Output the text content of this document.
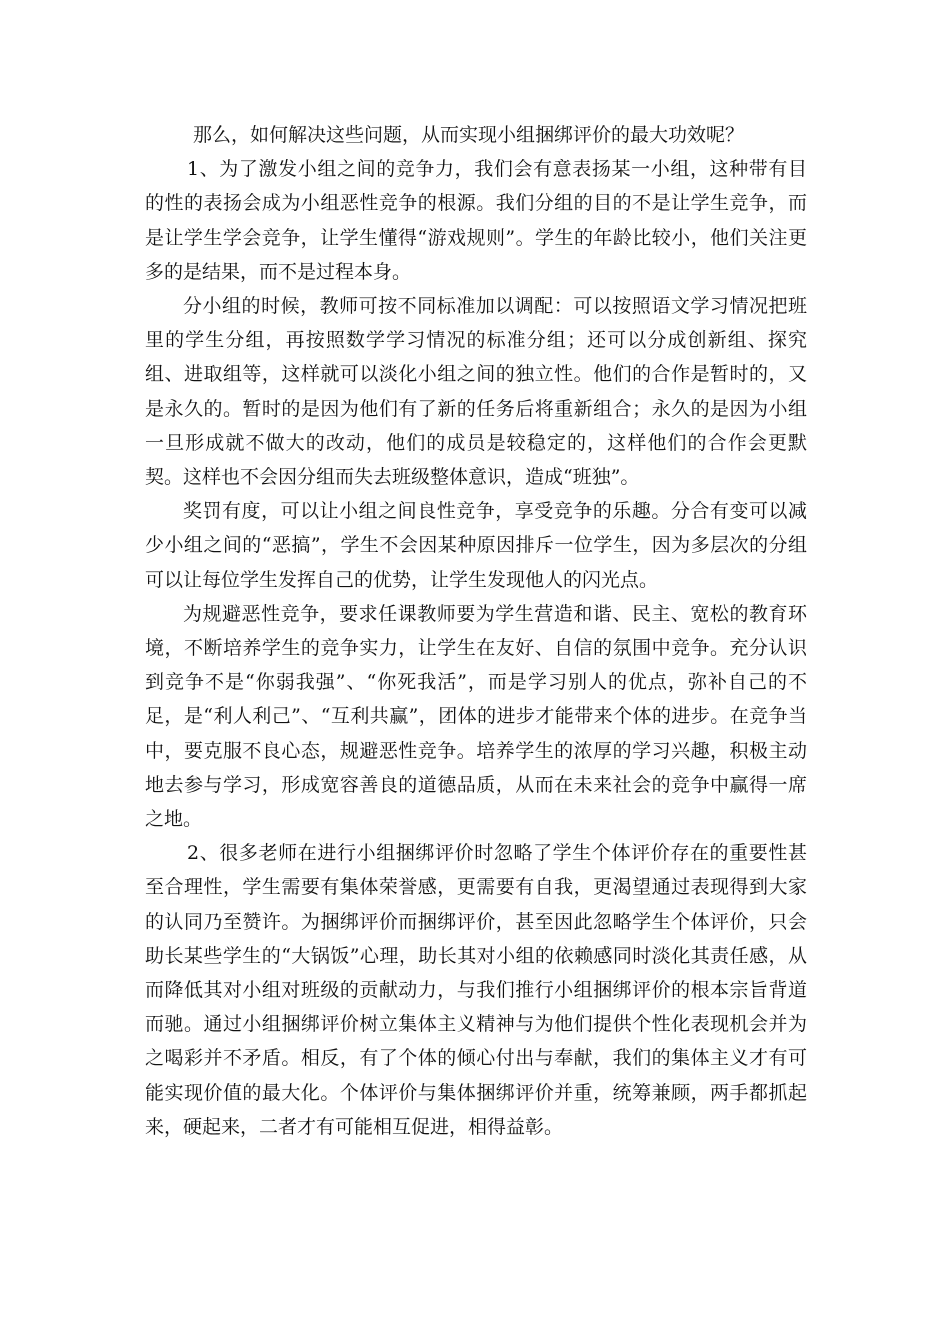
那么，如何解决这些问题，从而实现小组捆绑评价的最大功效呢？

1、为了激发小组之间的竞争力，我们会有意表扬某一小组，这种带有目的性的表扬会成为小组恶性竞争的根源。我们分组的目的不是让学生竞争，而是让学生学会竞争，让学生懂得“游戏规则”。学生的年龄比较小，他们关注更多的是结果，而不是过程本身。

分小组的时候，教师可按不同标准加以调配：可以按照语文学习情况把班里的学生分组，再按照数学学习情况的标准分组；还可以分成创新组、探究组、进取组等，这样就可以淡化小组之间的独立性。他们的合作是暂时的，又是永久的。暂时的是因为他们有了新的任务后将重新组合；永久的是因为小组一旦形成就不做大的改动，他们的成员是较稳定的，这样他们的合作会更默契。这样也不会因分组而失去班级整体意识，造成“班独”。

奖罚有度，可以让小组之间良性竞争，享受竞争的乐趣。分合有变可以减少小组之间的“恶搞”，学生不会因某种原因排斥一位学生，因为多层次的分组可以让每位学生发挥自己的优势，让学生发现他人的闪光点。

为规避恶性竞争，要求任课教师要为学生营造和谐、民主、宽松的教育环境，不断培养学生的竞争实力，让学生在友好、自信的氛围中竞争。充分认识到竞争不是“你弱我强”、“你死我活”，而是学习别人的优点，弥补自己的不足，是“利人利己”、“互利共赢”，团体的进步才能带来个体的进步。在竞争当中，要克服不良心态，规避恶性竞争。培养学生的浓厚的学习兴趣，积极主动地去参与学习，形成宽容善良的道德品质，从而在未来社会的竞争中赢得一席之地。

2、很多老师在进行小组捆绑评价时忽略了学生个体评价存在的重要性甚至合理性，学生需要有集体荣誉感，更需要有自我，更渴望通过表现得到大家的认同乃至赞许。为捆绑评价而捆绑评价，甚至因此忽略学生个体评价，只会助长某些学生的“大锅饭”心理，助长其对小组的依赖感同时淡化其责任感，从而降低其对小组对班级的贡献动力，与我们推行小组捆绑评价的根本宗旨背道而驰。通过小组捆绑评价树立集体主义精神与为他们提供个性化表现机会并为之喝彩并不矛盾。相反，有了个体的倾心付出与奉献，我们的集体主义才有可能实现价值的最大化。个体评价与集体捆绑评价并重，统筹兼顾，两手都抓起来，硬起来，二者才有可能相互促进，相得益彰。
